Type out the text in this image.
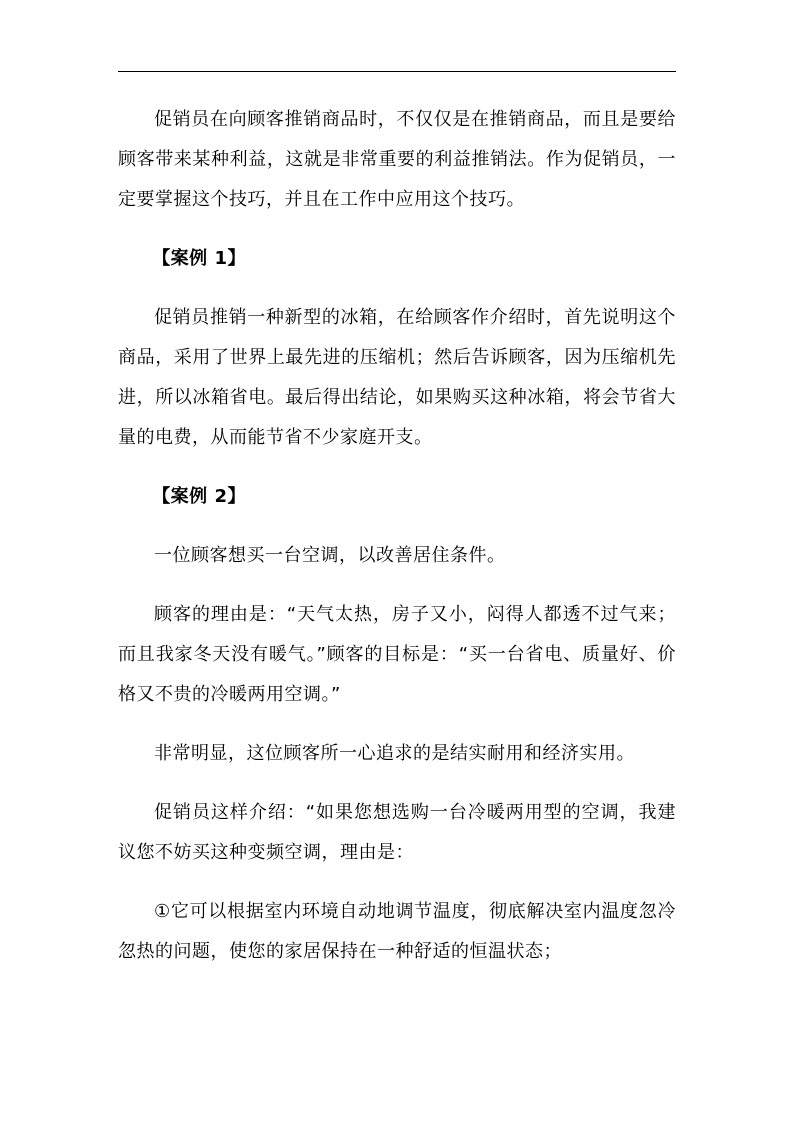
促销员在向顾客推销商品时，不仅仅是在推销商品，而且是要给顾客带来某种利益，这就是非常重要的利益推销法。作为促销员，一定要掌握这个技巧，并且在工作中应用这个技巧。

【案例 1】

促销员推销一种新型的冰箱，在给顾客作介绍时，首先说明这个商品，采用了世界上最先进的压缩机；然后告诉顾客，因为压缩机先进，所以冰箱省电。最后得出结论，如果购买这种冰箱，将会节省大量的电费，从而能节省不少家庭开支。

【案例 2】

一位顾客想买一台空调，以改善居住条件。

顾客的理由是：“天气太热，房子又小，闷得人都透不过气来；而且我家冬天没有暖气。”顾客的目标是：“买一台省电、质量好、价格又不贵的冷暖两用空调。”

非常明显，这位顾客所一心追求的是结实耐用和经济实用。

促销员这样介绍：“如果您想选购一台冷暖两用型的空调，我建议您不妨买这种变频空调，理由是：

①它可以根据室内环境自动地调节温度，彻底解决室内温度忽冷忽热的问题，使您的家居保持在一种舒适的恒温状态；
